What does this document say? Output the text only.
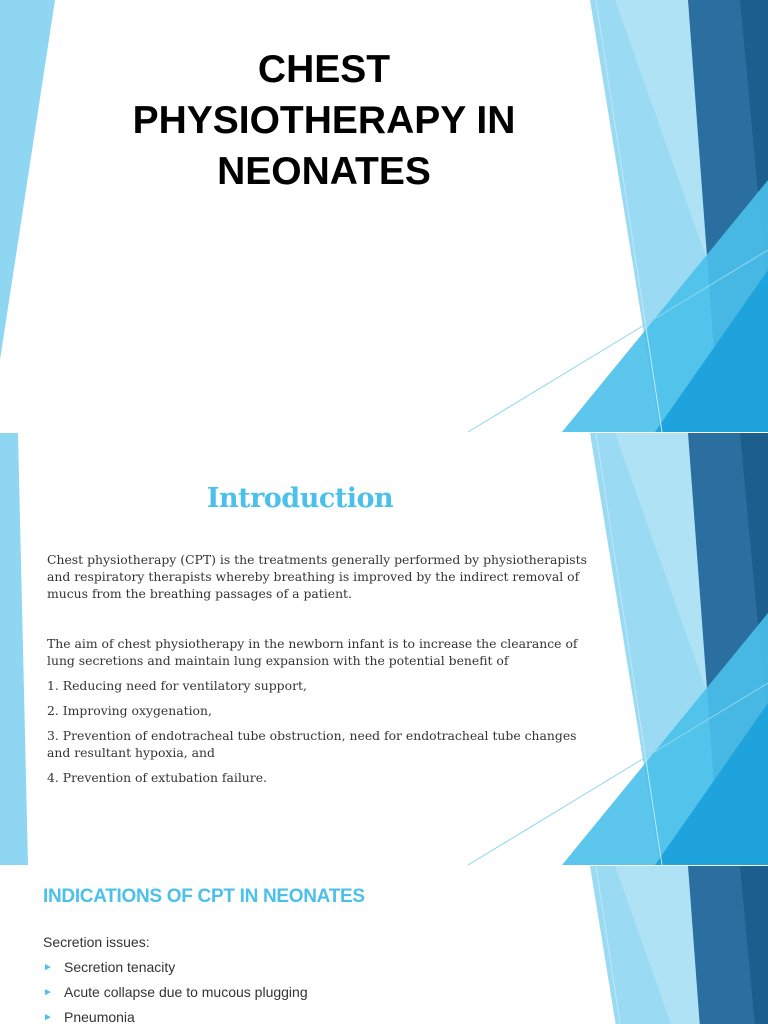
CHEST
PHYSIOTHERAPY IN
NEONATES
Introduction

Chest physiotherapy (CPT) is the treatments generally performed by physiotherapists and respiratory therapists whereby breathing is improved by the indirect removal of mucus from the breathing passages of a patient.

The aim of chest physiotherapy in the newborn infant is to increase the clearance of lung secretions and maintain lung expansion with the potential benefit of

1. Reducing need for ventilatory support,

2. Improving oxygenation,

3. Prevention of endotracheal tube obstruction, need for endotracheal tube changes and resultant hypoxia, and

4. Prevention of extubation failure.

INDICATIONS OF CPT IN NEONATES

Secretion issues:

► Secretion tenacity
► Acute collapse due to mucous plugging
► Pneumonia
